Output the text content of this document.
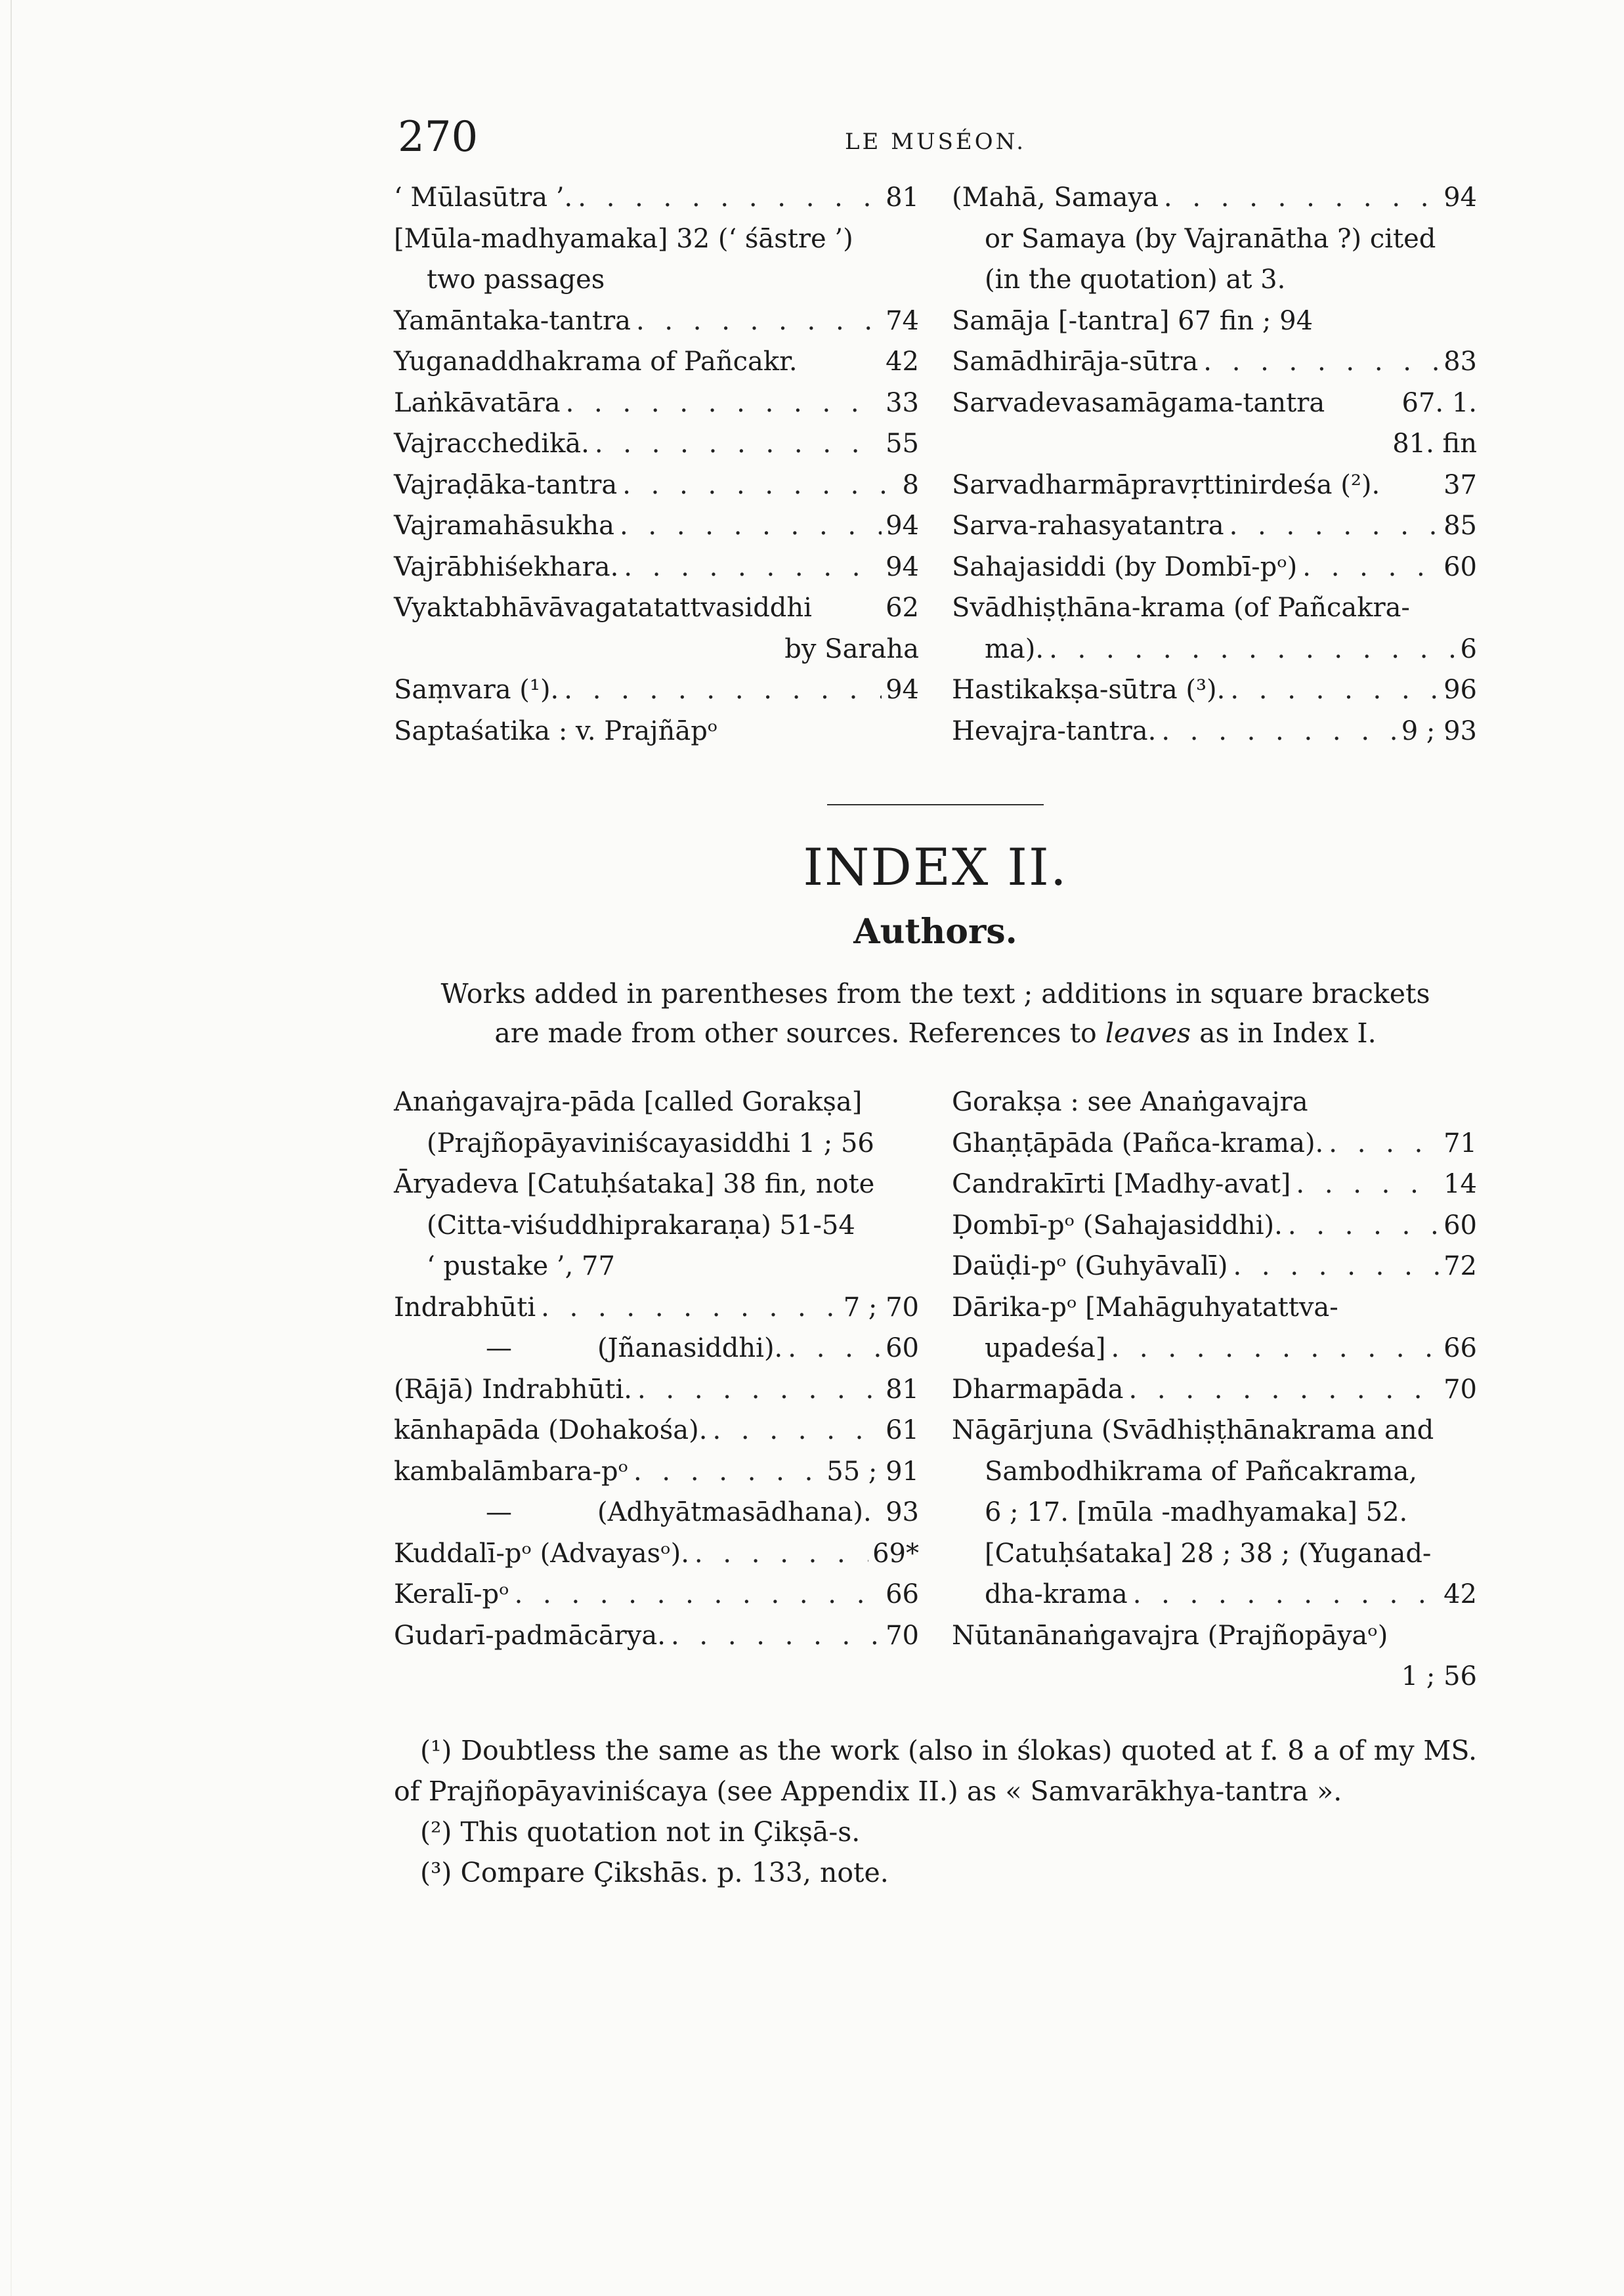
270	LE MUSÉON.
‘ Mūlasūtra ’. . . .	81
[Mūla-madhyamaka] 32 (‘ śāstre ’)
two passages
Yamāntaka-tantra . . .	74
Yuganaddhakrama of Pañcakr.	42
Laṅkāvatāra . . .	33
Vajracchedikā. . . .	55
Vajraḍāka-tantra . . .	8
Vajramahāsukha . . .	94
Vajrābhiśekhara. . . .	94
Vyaktabhāvāvagatatattvasiddhi	62
by Saraha
Saṃvara (¹). . . .	94
Saptaśatika : v. Prajñāpᵒ
(Mahā, Samaya . . .	94
or Samaya (by Vajranātha ?) cited
(in the quotation) at 3.
Samāja [-tantra] 67 fin ; 94
Samādhirāja-sūtra . . .	83
Sarvadevasamāgama-tantra	67. 1.
81. fin
Sarvadharmāpravṛttinirdeśa (²). 37
Sarva-rahasyatantra . . .	85
Sahajasiddi (by Dombī-pᵒ) . . .	60
Svādhiṣṭhāna-krama (of Pañcakra-
ma). . . .	6
Hastikakṣa-sūtra (³). . . .	96
Hevajra-tantra. . . .	9 ; 93
INDEX II.
Authors.
Works added in parentheses from the text ; additions in square brackets
are made from other sources. References to leaves as in Index I.
Anaṅgavajra-pāda [called Gorakṣa]
(Prajñopāyaviniścayasiddhi 1 ; 56
Āryadeva [Catuḥśataka] 38 fin, note
(Citta-viśuddhiprakaraṇa) 51-54
‘ pustake ’, 77
Indrabhūti . . .	7 ; 70
—	(Jñanasiddhi). . . .	60
(Rājā) Indrabhūti. . . .	81
kānhapāda (Dohakośa). . . .	61
kambalāmbara-pᵒ . . .	55 ; 91
—	(Adhyātmasādhana). 93
Kuddalī-pᵒ (Advayasᵒ). . . .	69*
Keralī-pᵒ . . .	66
Gudarī-padmācārya. . . .	70
Gorakṣa : see Anaṅgavajra
Ghaṇṭāpāda (Pañca-krama). . . .	71
Candrakīrti [Madhy-avat] . . .	14
Ḍombī-pᵒ (Sahajasiddhi). . . .	60
Daüḍi-pᵒ (Guhyāvalī) . . .	72
Dārika-pᵒ [Mahāguhyatattva-
upadeśa] . . .	66
Dharmapāda . . .	70
Nāgārjuna (Svādhiṣṭhānakrama and
Sambodhikrama of Pañcakrama,
6 ; 17. [mūla -madhyamaka] 52.
[Catuḥśataka] 28 ; 38 ; (Yuganad-
dha-krama . . .	42
Nūtanānaṅgavajra (Prajñopāyaᵒ)
1 ; 56

(¹) Doubtless the same as the work (also in ślokas) quoted at f. 8 a of my MS. of Prajñopāyaviniścaya (see Appendix II.) as « Samvarākhya-tantra ».

(²) This quotation not in Çikṣā-s.

(³) Compare Çikshās. p. 133, note.
